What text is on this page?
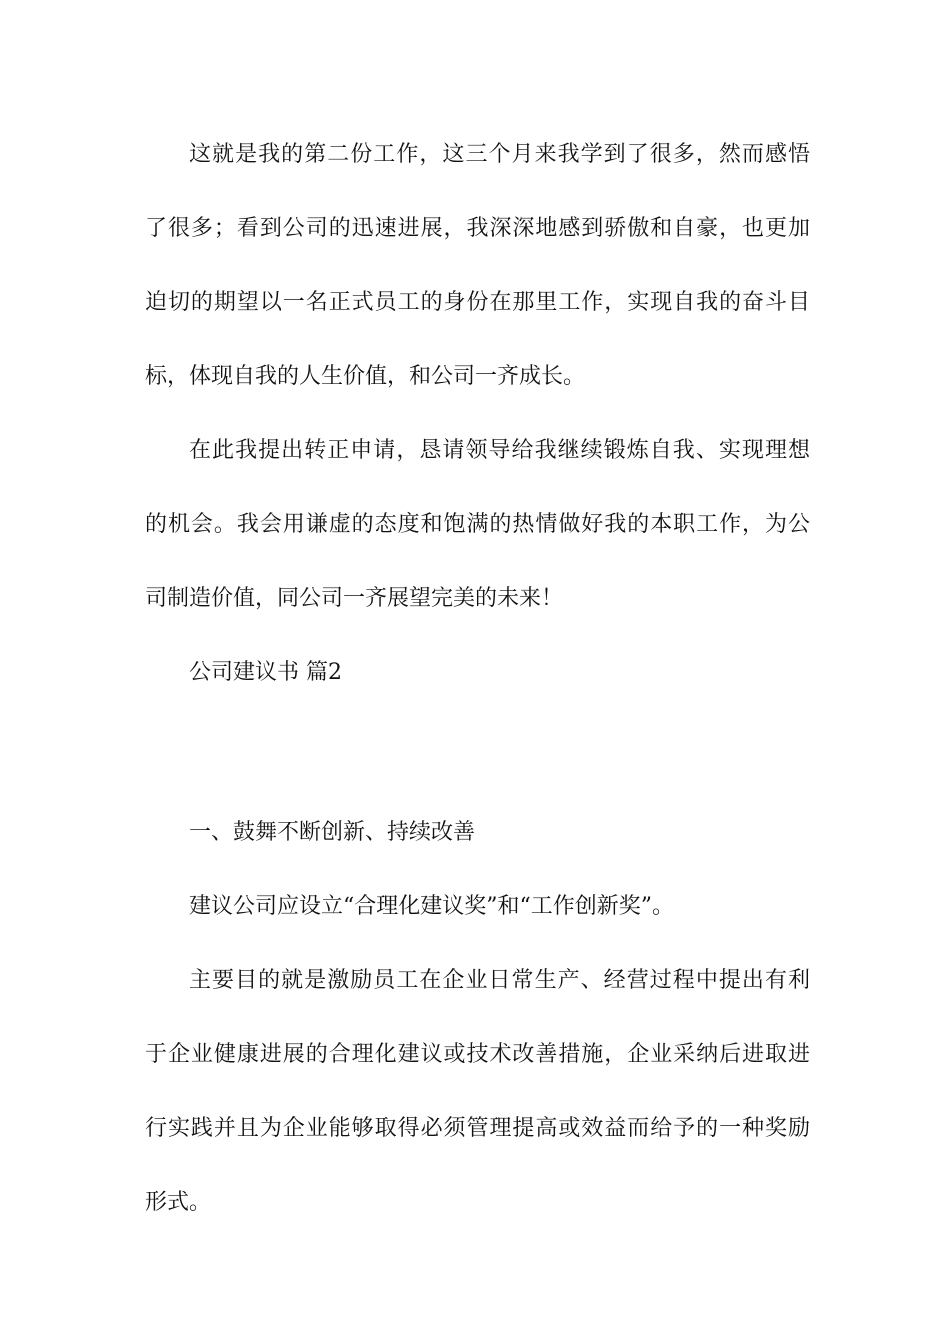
这就是我的第二份工作，这三个月来我学到了很多，然而感悟
了很多；看到公司的迅速进展，我深深地感到骄傲和自豪，也更加
迫切的期望以一名正式员工的身份在那里工作，实现自我的奋斗目
标，体现自我的人生价值，和公司一齐成长。
在此我提出转正申请，恳请领导给我继续锻炼自我、实现理想
的机会。我会用谦虚的态度和饱满的热情做好我的本职工作，为公
司制造价值，同公司一齐展望完美的未来！
公司建议书 篇2
一、鼓舞不断创新、持续改善
建议公司应设立“合理化建议奖”和“工作创新奖”。
主要目的就是激励员工在企业日常生产、经营过程中提出有利
于企业健康进展的合理化建议或技术改善措施，企业采纳后进取进
行实践并且为企业能够取得必须管理提高或效益而给予的一种奖励
形式。
